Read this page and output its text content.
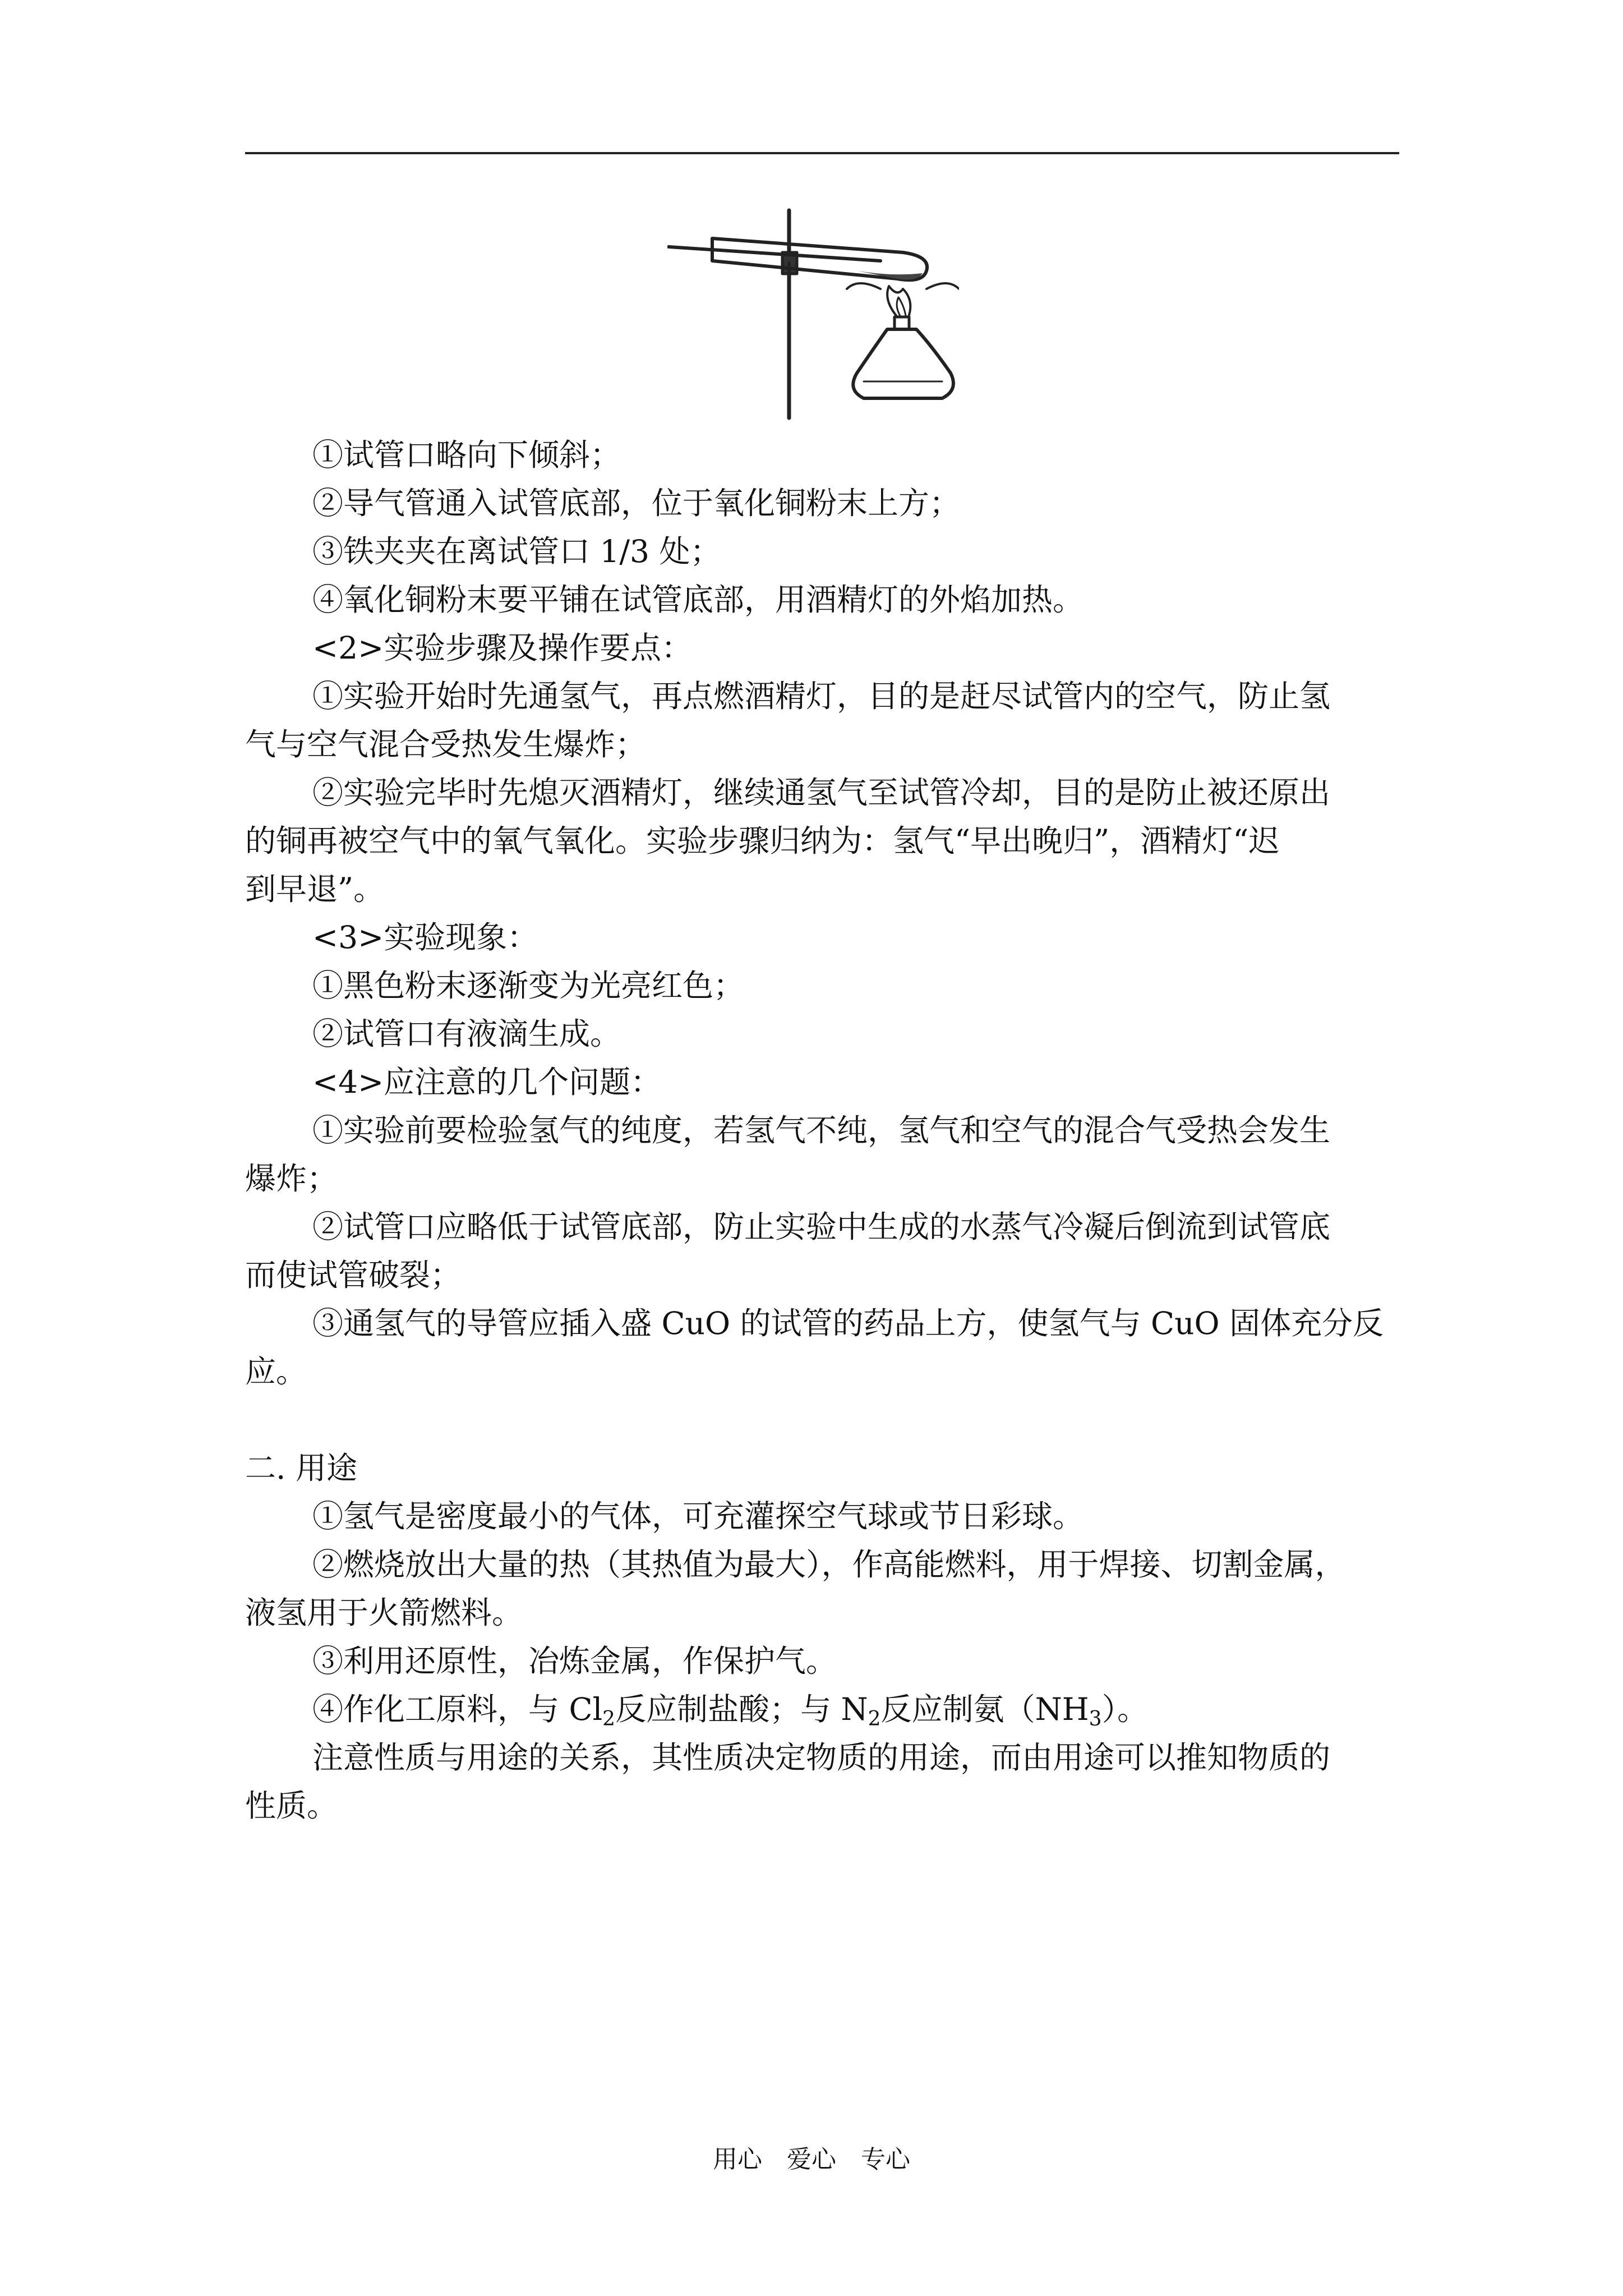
①试管口略向下倾斜；

②导气管通入试管底部，位于氧化铜粉末上方；

③铁夹夹在离试管口 1/3 处；

④氧化铜粉末要平铺在试管底部，用酒精灯的外焰加热。

<2>实验步骤及操作要点：

①实验开始时先通氢气，再点燃酒精灯，目的是赶尽试管内的空气，防止氢

气与空气混合受热发生爆炸；

②实验完毕时先熄灭酒精灯，继续通氢气至试管冷却，目的是防止被还原出

的铜再被空气中的氧气氧化。实验步骤归纳为：氢气“早出晚归”，酒精灯“迟

到早退”。

<3>实验现象：

①黑色粉末逐渐变为光亮红色；

②试管口有液滴生成。

<4>应注意的几个问题：

①实验前要检验氢气的纯度，若氢气不纯，氢气和空气的混合气受热会发生

爆炸；

②试管口应略低于试管底部，防止实验中生成的水蒸气冷凝后倒流到试管底

而使试管破裂；

③通氢气的导管应插入盛 CuO 的试管的药品上方，使氢气与 CuO 固体充分反

应。

二. 用途

①氢气是密度最小的气体，可充灌探空气球或节日彩球。

②燃烧放出大量的热（其热值为最大），作高能燃料，用于焊接、切割金属，

液氢用于火箭燃料。

③利用还原性，冶炼金属，作保护气。

④作化工原料，与 $Cl_2$反应制盐酸；与 $N_2$反应制氨$(NH_3)$。

注意性质与用途的关系，其性质决定物质的用途，而由用途可以推知物质的

性质。

用心　爱心　专心
